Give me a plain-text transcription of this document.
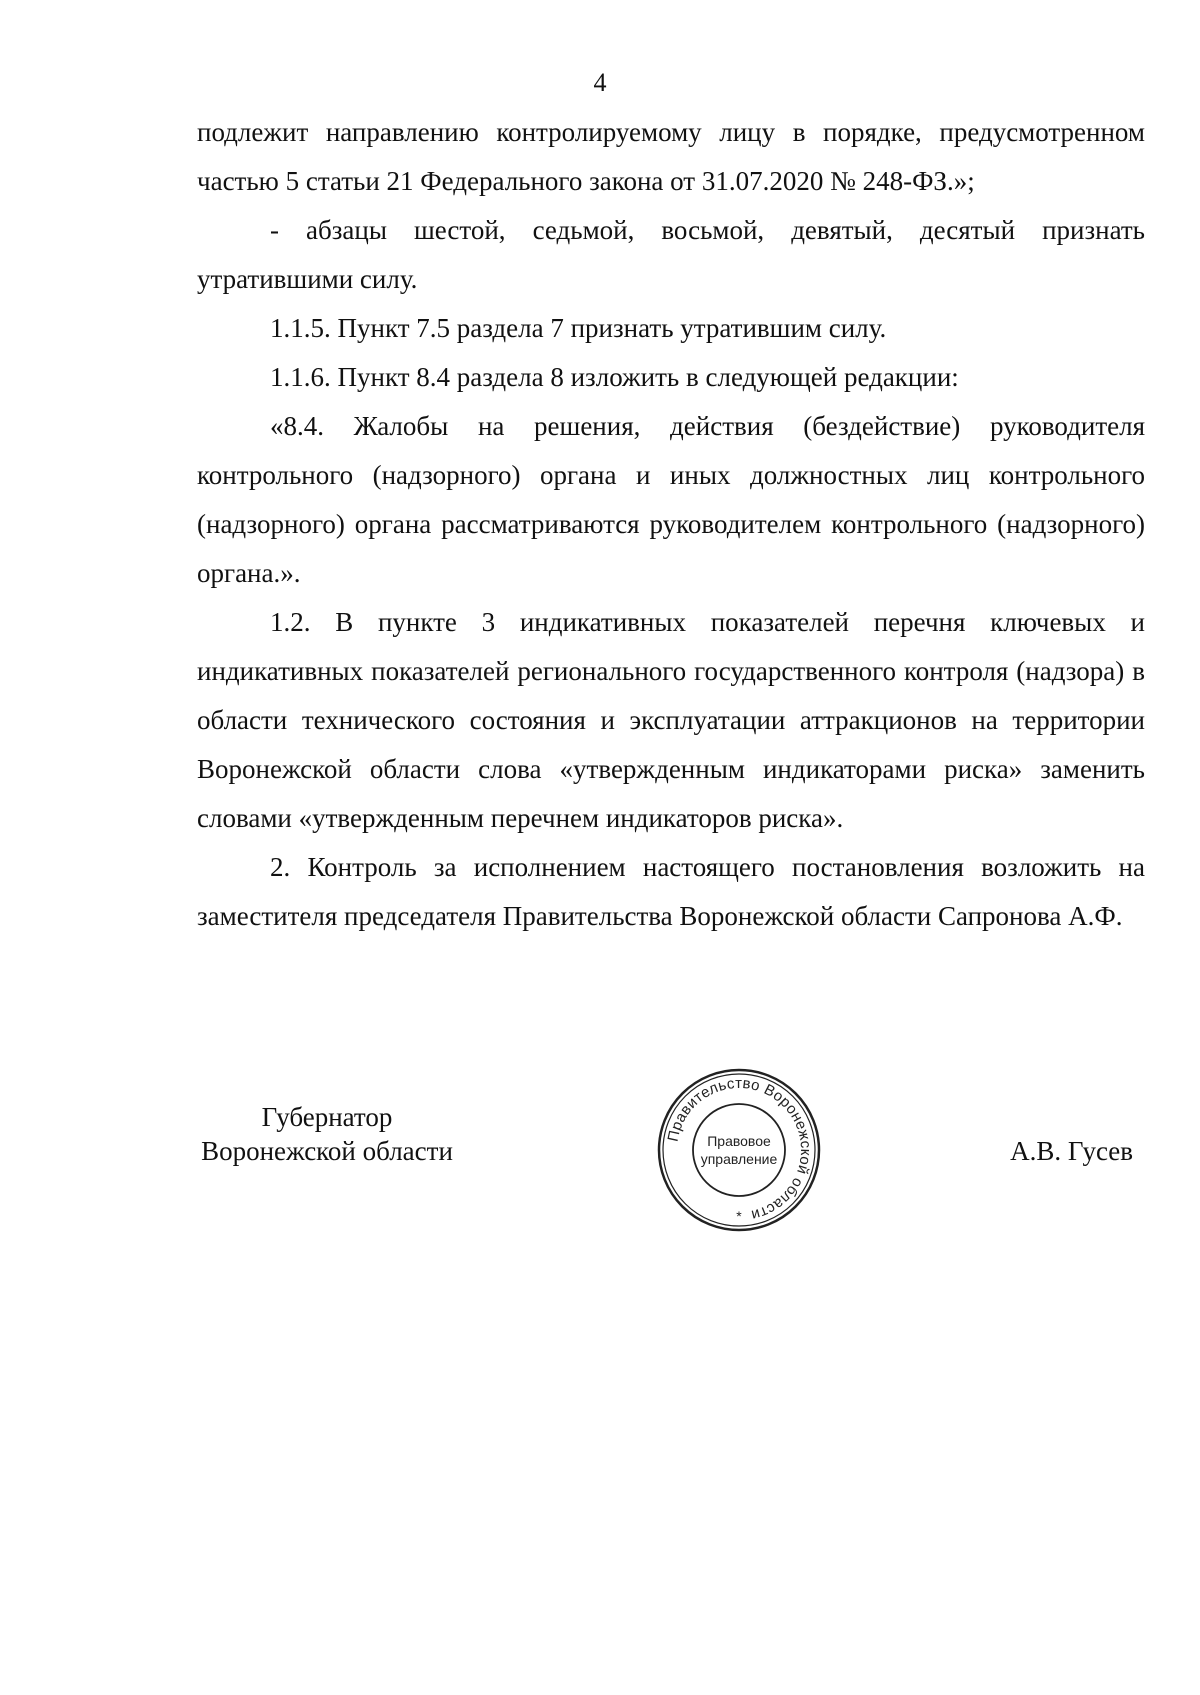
4

подлежит направлению контролируемому лицу в порядке, предусмотренном частью 5 статьи 21 Федерального закона от 31.07.2020 № 248-ФЗ.»;

- абзацы шестой, седьмой, восьмой, девятый, десятый признать утратившими силу.

1.1.5. Пункт 7.5 раздела 7 признать утратившим силу.

1.1.6. Пункт 8.4 раздела 8 изложить в следующей редакции:

«8.4. Жалобы на решения, действия (бездействие) руководителя контрольного (надзорного) органа и иных должностных лиц контрольного (надзорного) органа рассматриваются руководителем контрольного (надзорного) органа.».

1.2. В пункте 3 индикативных показателей перечня ключевых и индикативных показателей регионального государственного контроля (надзора) в области технического состояния и эксплуатации аттракционов на территории Воронежской области слова «утвержденным индикаторами риска» заменить словами «утвержденным перечнем индикаторов риска».

2. Контроль за исполнением настоящего постановления возложить на заместителя председателя Правительства Воронежской области Сапронова А.Ф.

Губернатор
Воронежской области	А.В. Гусев
Правительство Воронежской области
Правовое
управление
*
